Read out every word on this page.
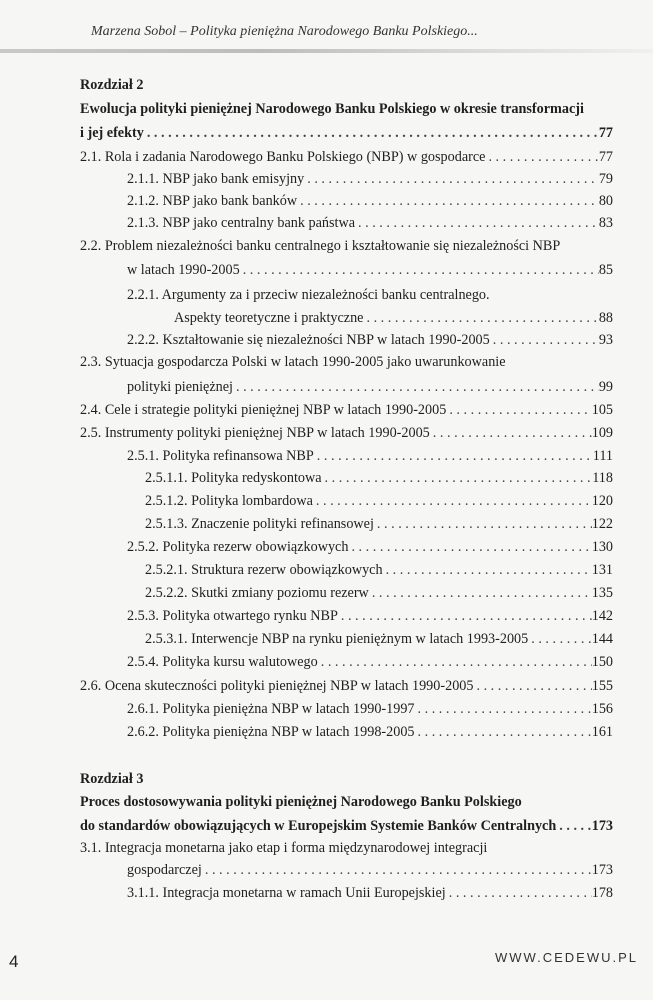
Marzena Sobol – Polityka pieniężna Narodowego Banku Polskiego...
Rozdział 2
Ewolucja polityki pieniężnej Narodowego Banku Polskiego w okresie transformacji
i jej efekty . . .	77
2.1. Rola i zadania Narodowego Banku Polskiego (NBP) w gospodarce . . .	77
2.1.1. NBP jako bank emisyjny . . .	79
2.1.2. NBP jako bank banków . . .	80
2.1.3. NBP jako centralny bank państwa . . .	83
2.2. Problem niezależności banku centralnego i kształtowanie się niezależności NBP
w latach 1990-2005 . . .	85
2.2.1. Argumenty za i przeciw niezależności banku centralnego.
Aspekty teoretyczne i praktyczne . . .	88
2.2.2. Kształtowanie się niezależności NBP w latach 1990-2005 . . .	93
2.3. Sytuacja gospodarcza Polski w latach 1990-2005 jako uwarunkowanie
polityki pieniężnej . . .	99
2.4. Cele i strategie polityki pieniężnej NBP w latach 1990-2005 . . .	105
2.5. Instrumenty polityki pieniężnej NBP w latach 1990-2005 . . .	109
2.5.1. Polityka refinansowa NBP . . .	111
2.5.1.1. Polityka redyskontowa . . .	118
2.5.1.2. Polityka lombardowa . . .	120
2.5.1.3. Znaczenie polityki refinansowej . . .	122
2.5.2. Polityka rezerw obowiązkowych . . .	130
2.5.2.1. Struktura rezerw obowiązkowych . . .	131
2.5.2.2. Skutki zmiany poziomu rezerw . . .	135
2.5.3. Polityka otwartego rynku NBP . . .	142
2.5.3.1. Interwencje NBP na rynku pieniężnym w latach 1993-2005 . . .	144
2.5.4. Polityka kursu walutowego . . .	150
2.6. Ocena skuteczności polityki pieniężnej NBP w latach 1990-2005 . . .	155
2.6.1. Polityka pieniężna NBP w latach 1990-1997 . . .	156
2.6.2. Polityka pieniężna NBP w latach 1998-2005 . . .	161
Rozdział 3
Proces dostosowywania polityki pieniężnej Narodowego Banku Polskiego
do standardów obowiązujących w Europejskim Systemie Banków Centralnych . . . 173
3.1. Integracja monetarna jako etap i forma międzynarodowej integracji
gospodarczej . . .	173
3.1.1. Integracja monetarna w ramach Unii Europejskiej . . .	178
4	WWW.CEDEWU.PL
